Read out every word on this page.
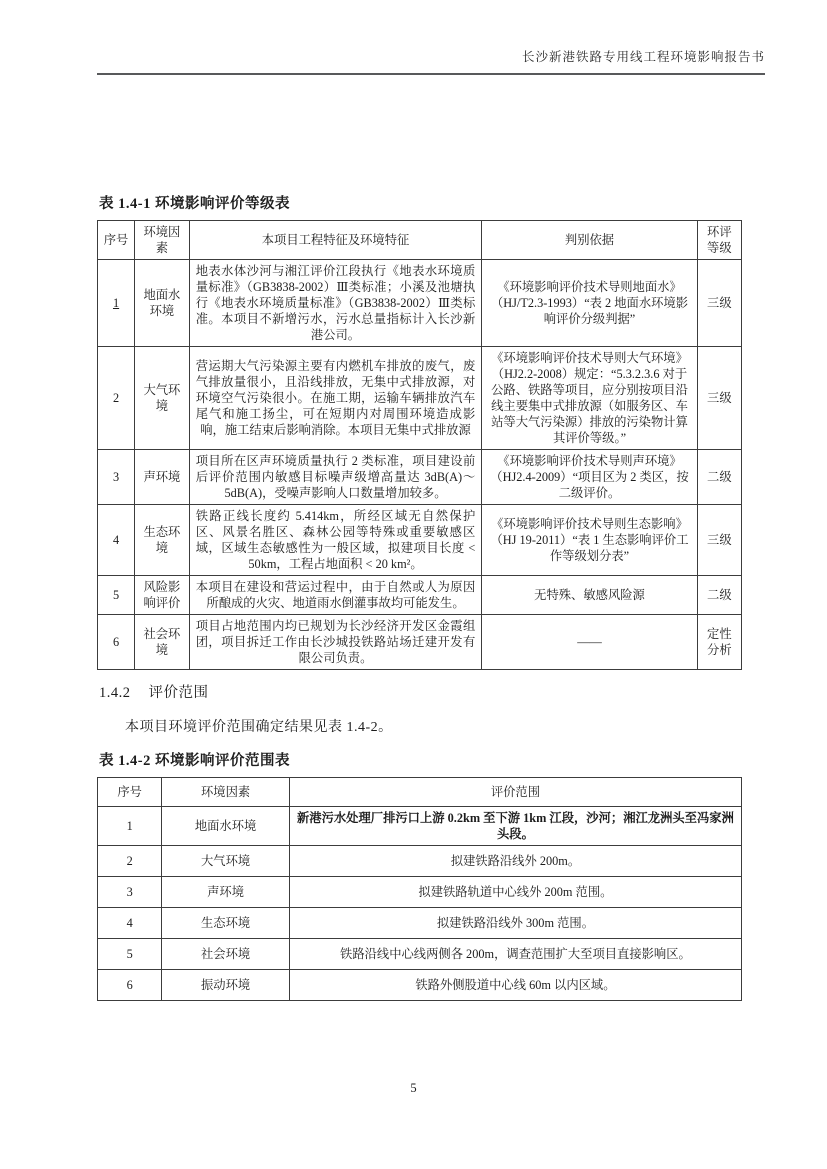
长沙新港铁路专用线工程环境影响报告书
表 1.4-1 环境影响评价等级表
序号	环境因素	本项目工程特征及环境特征	判别依据	环评等级
1	地面水环境	地表水体沙河与湘江评价江段执行《地表水环境质量标准》（GB3838-2002）Ⅲ类标准；小溪及池塘执行《地表水环境质量标准》（GB3838-2002）Ⅲ类标准。本项目不新增污水，污水总量指标计入长沙新港公司。	《环境影响评价技术导则地面水》（HJ/T2.3-1993）“表 2 地面水环境影响评价分级判据”	三级
2	大气环境	营运期大气污染源主要有内燃机车排放的废气，废气排放量很小，且沿线排放，无集中式排放源，对环境空气污染很小。在施工期，运输车辆排放汽车尾气和施工扬尘，可在短期内对周围环境造成影响，施工结束后影响消除。本项目无集中式排放源	《环境影响评价技术导则大气环境》（HJ2.2-2008）规定：“5.3.2.3.6 对于公路、铁路等项目，应分别按项目沿线主要集中式排放源（如服务区、车站等大气污染源）排放的污染物计算其评价等级。”	三级
3	声环境	项目所在区声环境质量执行 2 类标准，项目建设前后评价范围内敏感目标噪声级增高量达 3dB(A)～5dB(A)，受噪声影响人口数量增加较多。	《环境影响评价技术导则声环境》（HJ2.4-2009）“项目区为 2 类区，按二级评价。	二级
4	生态环境	铁路正线长度约 5.414km，所经区域无自然保护区、风景名胜区、森林公园等特殊或重要敏感区域，区域生态敏感性为一般区域，拟建项目长度 < 50km，工程占地面积 < 20 km²。	《环境影响评价技术导则生态影响》（HJ 19-2011）“表 1 生态影响评价工作等级划分表”	三级
5	风险影响评价	本项目在建设和营运过程中，由于自然或人为原因所酿成的火灾、地道雨水倒灌事故均可能发生。	无特殊、敏感风险源	二级
6	社会环境	项目占地范围内均已规划为长沙经济开发区金霞组团，项目拆迁工作由长沙城投铁路站场迁建开发有限公司负责。	——	定性分析
1.4.2 评价范围

本项目环境评价范围确定结果见表 1.4-2。

表 1.4-2 环境影响评价范围表
序号	环境因素	评价范围
1	地面水环境	新港污水处理厂排污口上游 0.2km 至下游 1km 江段，沙河；湘江龙洲头至冯家洲头段。
2	大气环境	拟建铁路沿线外 200m。
3	声环境	拟建铁路轨道中心线外 200m 范围。
4	生态环境	拟建铁路沿线外 300m 范围。
5	社会环境	铁路沿线中心线两侧各 200m，调查范围扩大至项目直接影响区。
6	振动环境	铁路外侧股道中心线 60m 以内区域。
5
